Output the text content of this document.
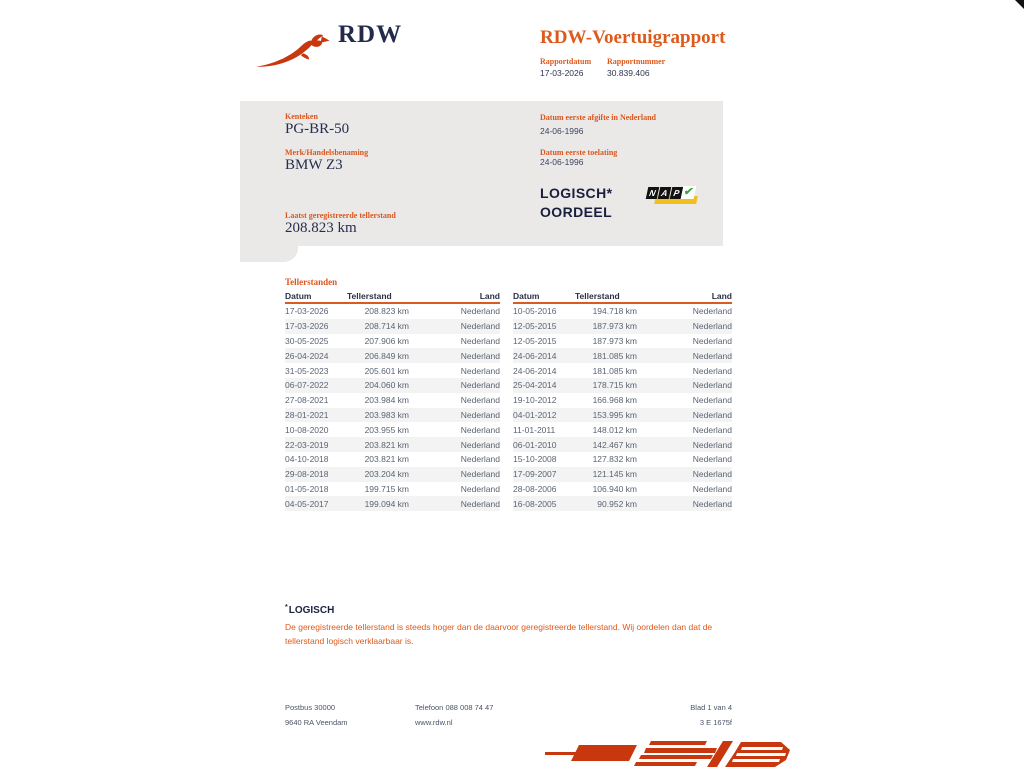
RDW	RDW-Voertuigrapport
Rapportdatum
17-03-2026
Rapportnummer
30.839.406
Kenteken
PG-BR-50
Merk/Handelsbenaming
BMW Z3
Laatst geregistreerde tellerstand
208.823 km
Datum eerste afgifte in Nederland
24-06-1996
Datum eerste toelating
24-06-1996
LOGISCH*
OORDEEL
N A P ✔
Tellerstanden
Datum	Tellerstand	Land
17-03-2026	208.823 km	Nederland
17-03-2026	208.714 km	Nederland
30-05-2025	207.906 km	Nederland
26-04-2024	206.849 km	Nederland
31-05-2023	205.601 km	Nederland
06-07-2022	204.060 km	Nederland
27-08-2021	203.984 km	Nederland
28-01-2021	203.983 km	Nederland
10-08-2020	203.955 km	Nederland
22-03-2019	203.821 km	Nederland
04-10-2018	203.821 km	Nederland
29-08-2018	203.204 km	Nederland
01-05-2018	199.715 km	Nederland
04-05-2017	199.094 km	Nederland
Datum	Tellerstand	Land
10-05-2016	194.718 km	Nederland
12-05-2015	187.973 km	Nederland
12-05-2015	187.973 km	Nederland
24-06-2014	181.085 km	Nederland
24-06-2014	181.085 km	Nederland
25-04-2014	178.715 km	Nederland
19-10-2012	166.968 km	Nederland
04-01-2012	153.995 km	Nederland
11-01-2011	148.012 km	Nederland
06-01-2010	142.467 km	Nederland
15-10-2008	127.832 km	Nederland
17-09-2007	121.145 km	Nederland
28-08-2006	106.940 km	Nederland
16-08-2005	90.952 km	Nederland
*LOGISCH
De geregistreerde tellerstand is steeds hoger dan de daarvoor geregistreerde tellerstand. Wij oordelen dan dat de tellerstand logisch verklaarbaar is.
Postbus 30000
9640 RA Veendam
Telefoon 088 008 74 47
www.rdw.nl
Blad 1 van 4
3 E 1675f
